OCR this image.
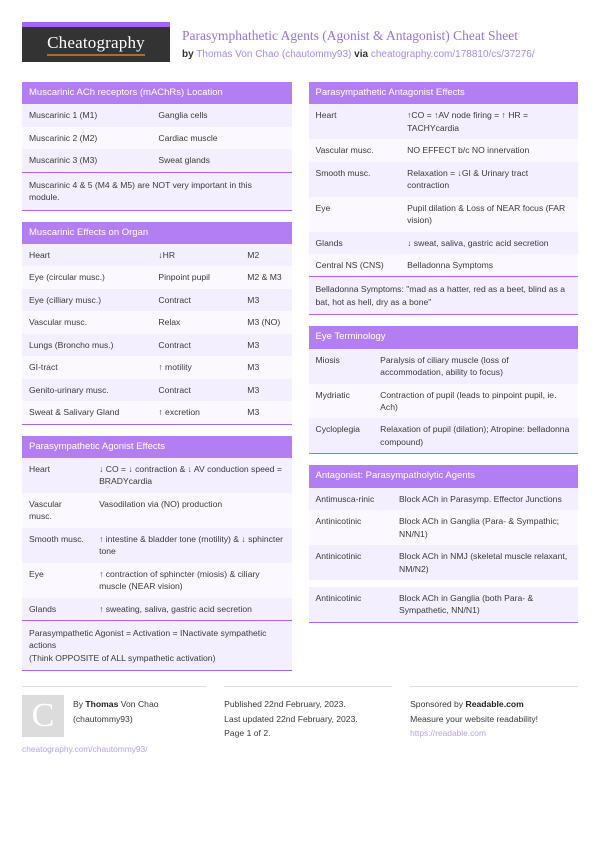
Cheatography	Parasymphathetic Agents (Agonist & Antagonist) Cheat Sheet
by Thomas Von Chao (chautommy93) via cheatography.com/178810/cs/37276/
Muscarinic ACh receptors (mAChRs) Location
Muscarinic 1 (M1)	Ganglia cells
Muscarinic 2 (M2)	Cardiac muscle
Muscarinic 3 (M3)	Sweat glands
Muscarinic 4 & 5 (M4 & M5) are NOT very important in this module.	
Muscarinic Effects on Organ
Heart	↓HR	M2
Eye (circular musc.)	Pinpoint pupil	M2 & M3
Eye (cilliary musc.)	Contract	M3
Vascular musc.	Relax	M3 (NO)
Lungs (Broncho mus.)	Contract	M3
GI-tract	↑ motility	M3
Genito-urinary musc.	Contract	M3
Sweat & Salivary Gland	↑ excretion	M3
Parasympathetic Agonist Effects
Heart	↓ CO = ↓ contraction & ↓ AV conduction speed = BRADYcardia
Vascular musc.	Vasodilation via (NO) production
Smooth musc.	↑ intestine & bladder tone (motility) & ↓ sphincter tone
Eye	↑ contraction of sphincter (miosis) & ciliary muscle (NEAR vision)
Glands	↑ sweating, saliva, gastric acid secretion
Parasympathetic Agonist = Activation = INactivate sympathetic actions
(Think OPPOSITE of ALL sympathetic activation)	
Parasympathetic Antagonist Effects
Heart	↑CO = ↑AV node firing = ↑ HR = TACHYcardia
Vascular musc.	NO EFFECT b/c NO innervation
Smooth musc.	Relaxation = ↓GI & Urinary tract contraction
Eye	Pupil dilation & Loss of NEAR focus (FAR vision)
Glands	↓ sweat, saliva, gastric acid secretion
Central NS (CNS)	Belladonna Symptoms
Belladonna Symptoms: "mad as a hatter, red as a beet, blind as a bat, hot as hell, dry as a bone"	
Eye Terminology
Miosis	Paralysis of ciliary muscle (loss of accommodation, ability to focus)
Mydriatic	Contraction of pupil (leads to pinpoint pupil, ie. Ach)
Cycloplegia	Relaxation of pupil (dilation); Atropine: belladonna compound)
Antagonist: Parasympatholytic Agents
Antimusca-rinic	Block ACh in Parasymp. Effector Junctions
Antinicotinic	Block ACh in Ganglia (Para- & Sympathic; NN/N1)
Antinicotinic	Block ACh in NMJ (skeletal muscle relaxant, NM/N2)

Antinicotinic	Block ACh in Ganglia (both Para- & Sympathetic, NN/N1)
C	By Thomas Von Chao
(chautommy93)
cheatography.com/chautommy93/
Published 22nd February, 2023.
Last updated 22nd February, 2023.
Page 1 of 2.
Sponsored by Readable.com
Measure your website readability!
https://readable.com
